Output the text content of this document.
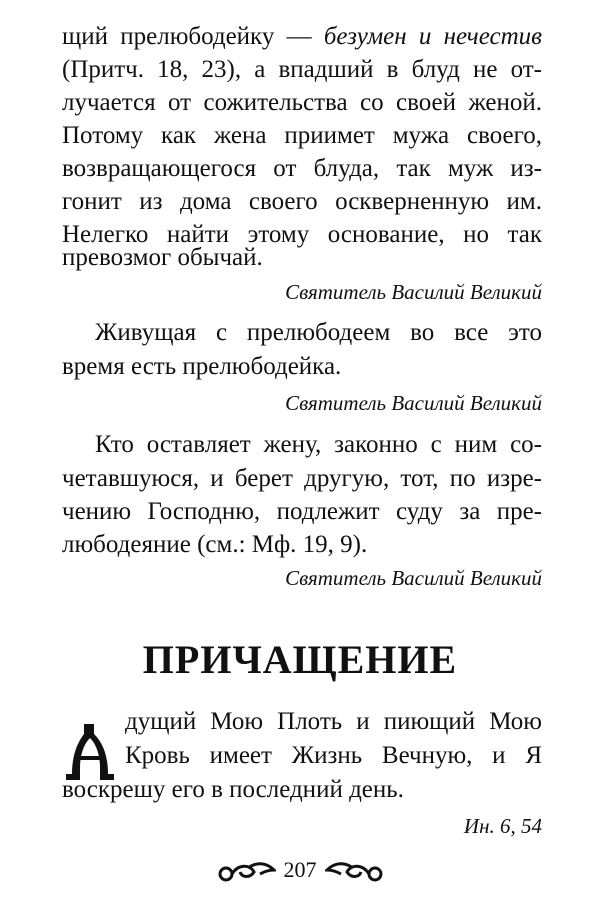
щий прелюбодейку — безумен и нечестив
(Притч. 18, 23), а впадший в блуд не от-
лучается от сожительства со своей женой.
Потому как жена приимет мужа своего,
возвращающегося от блуда, так муж из-
гонит из дома своего оскверненную им.
Нелегко найти этому основание, но так
превозмог обычай.
Святитель Василий Великий
Живущая с прелюбодеем во все это
время есть прелюбодейка.
Святитель Василий Великий
Кто оставляет жену, законно с ним со-
четавшуюся, и берет другую, тот, по изре-
чению Господню, подлежит суду за пре-
любодеяние (см.: Мф. 19, 9).
Святитель Василий Великий
ПРИЧАЩЕНИЕ
дущий Мою Плоть и пиющий Мою
Кровь имеет Жизнь Вечную, и Я
воскрешу его в последний день.
Ин. 6, 54
207
